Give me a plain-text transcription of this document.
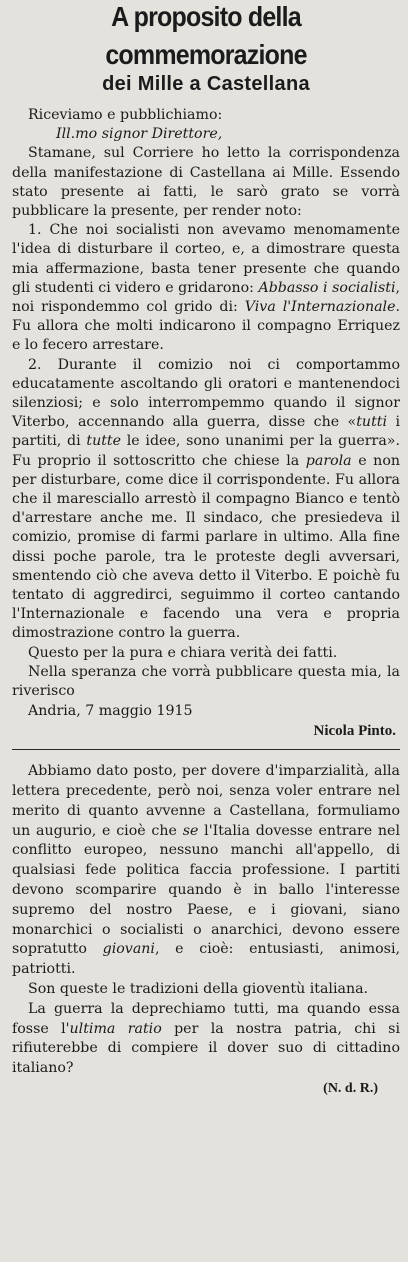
A proposito della commemorazione
dei Mille a Castellana

Riceviamo e pubblichiamo:

Ill.mo signor Direttore,

Stamane, sul Corriere ho letto la corrispondenza della manifestazione di Castellana ai Mille. Essendo stato presente ai fatti, le sarò grato se vorrà pubblicare la presente, per render noto:

1. Che noi socialisti non avevamo menomamente l'idea di disturbare il corteo, e, a dimostrare questa mia affermazione, basta tener presente che quando gli studenti ci videro e gridarono: Abbasso i socialisti, noi rispondemmo col grido di: Viva l'Internazionale. Fu allora che molti indicarono il compagno Erriquez e lo fecero arrestare.

2. Durante il comizio noi ci comportammo educatamente ascoltando gli oratori e mantenendoci silenziosi; e solo interrompemmo quando il signor Viterbo, accennando alla guerra, disse che «tutti i partiti, di tutte le idee, sono unanimi per la guerra». Fu proprio il sottoscritto che chiese la parola e non per disturbare, come dice il corrispondente. Fu allora che il maresciallo arrestò il compagno Bianco e tentò d'arrestare anche me. Il sindaco, che presiedeva il comizio, promise di farmi parlare in ultimo. Alla fine dissi poche parole, tra le proteste degli avversari, smentendo ciò che aveva detto il Viterbo. E poichè fu tentato di aggredirci, seguimmo il corteo cantando l'Internazionale e facendo una vera e propria dimostrazione contro la guerra.

Questo per la pura e chiara verità dei fatti.

Nella speranza che vorrà pubblicare questa mia, la riverisco

Andria, 7 maggio 1915
Nicola Pinto.

Abbiamo dato posto, per dovere d'imparzialità, alla lettera precedente, però noi, senza voler entrare nel merito di quanto avvenne a Castellana, formuliamo un augurio, e cioè che se l'Italia dovesse entrare nel conflitto europeo, nessuno manchi all'appello, di qualsiasi fede politica faccia professione. I partiti devono scomparire quando è in ballo l'interesse supremo del nostro Paese, e i giovani, siano monarchici o socialisti o anarchici, devono essere sopratutto giovani, e cioè: entusiasti, animosi, patriotti.

Son queste le tradizioni della gioventù italiana.

La guerra la deprechiamo tutti, ma quando essa fosse l'ultima ratio per la nostra patria, chi si rifiuterebbe di compiere il dover suo di cittadino italiano?

(N. d. R.)
